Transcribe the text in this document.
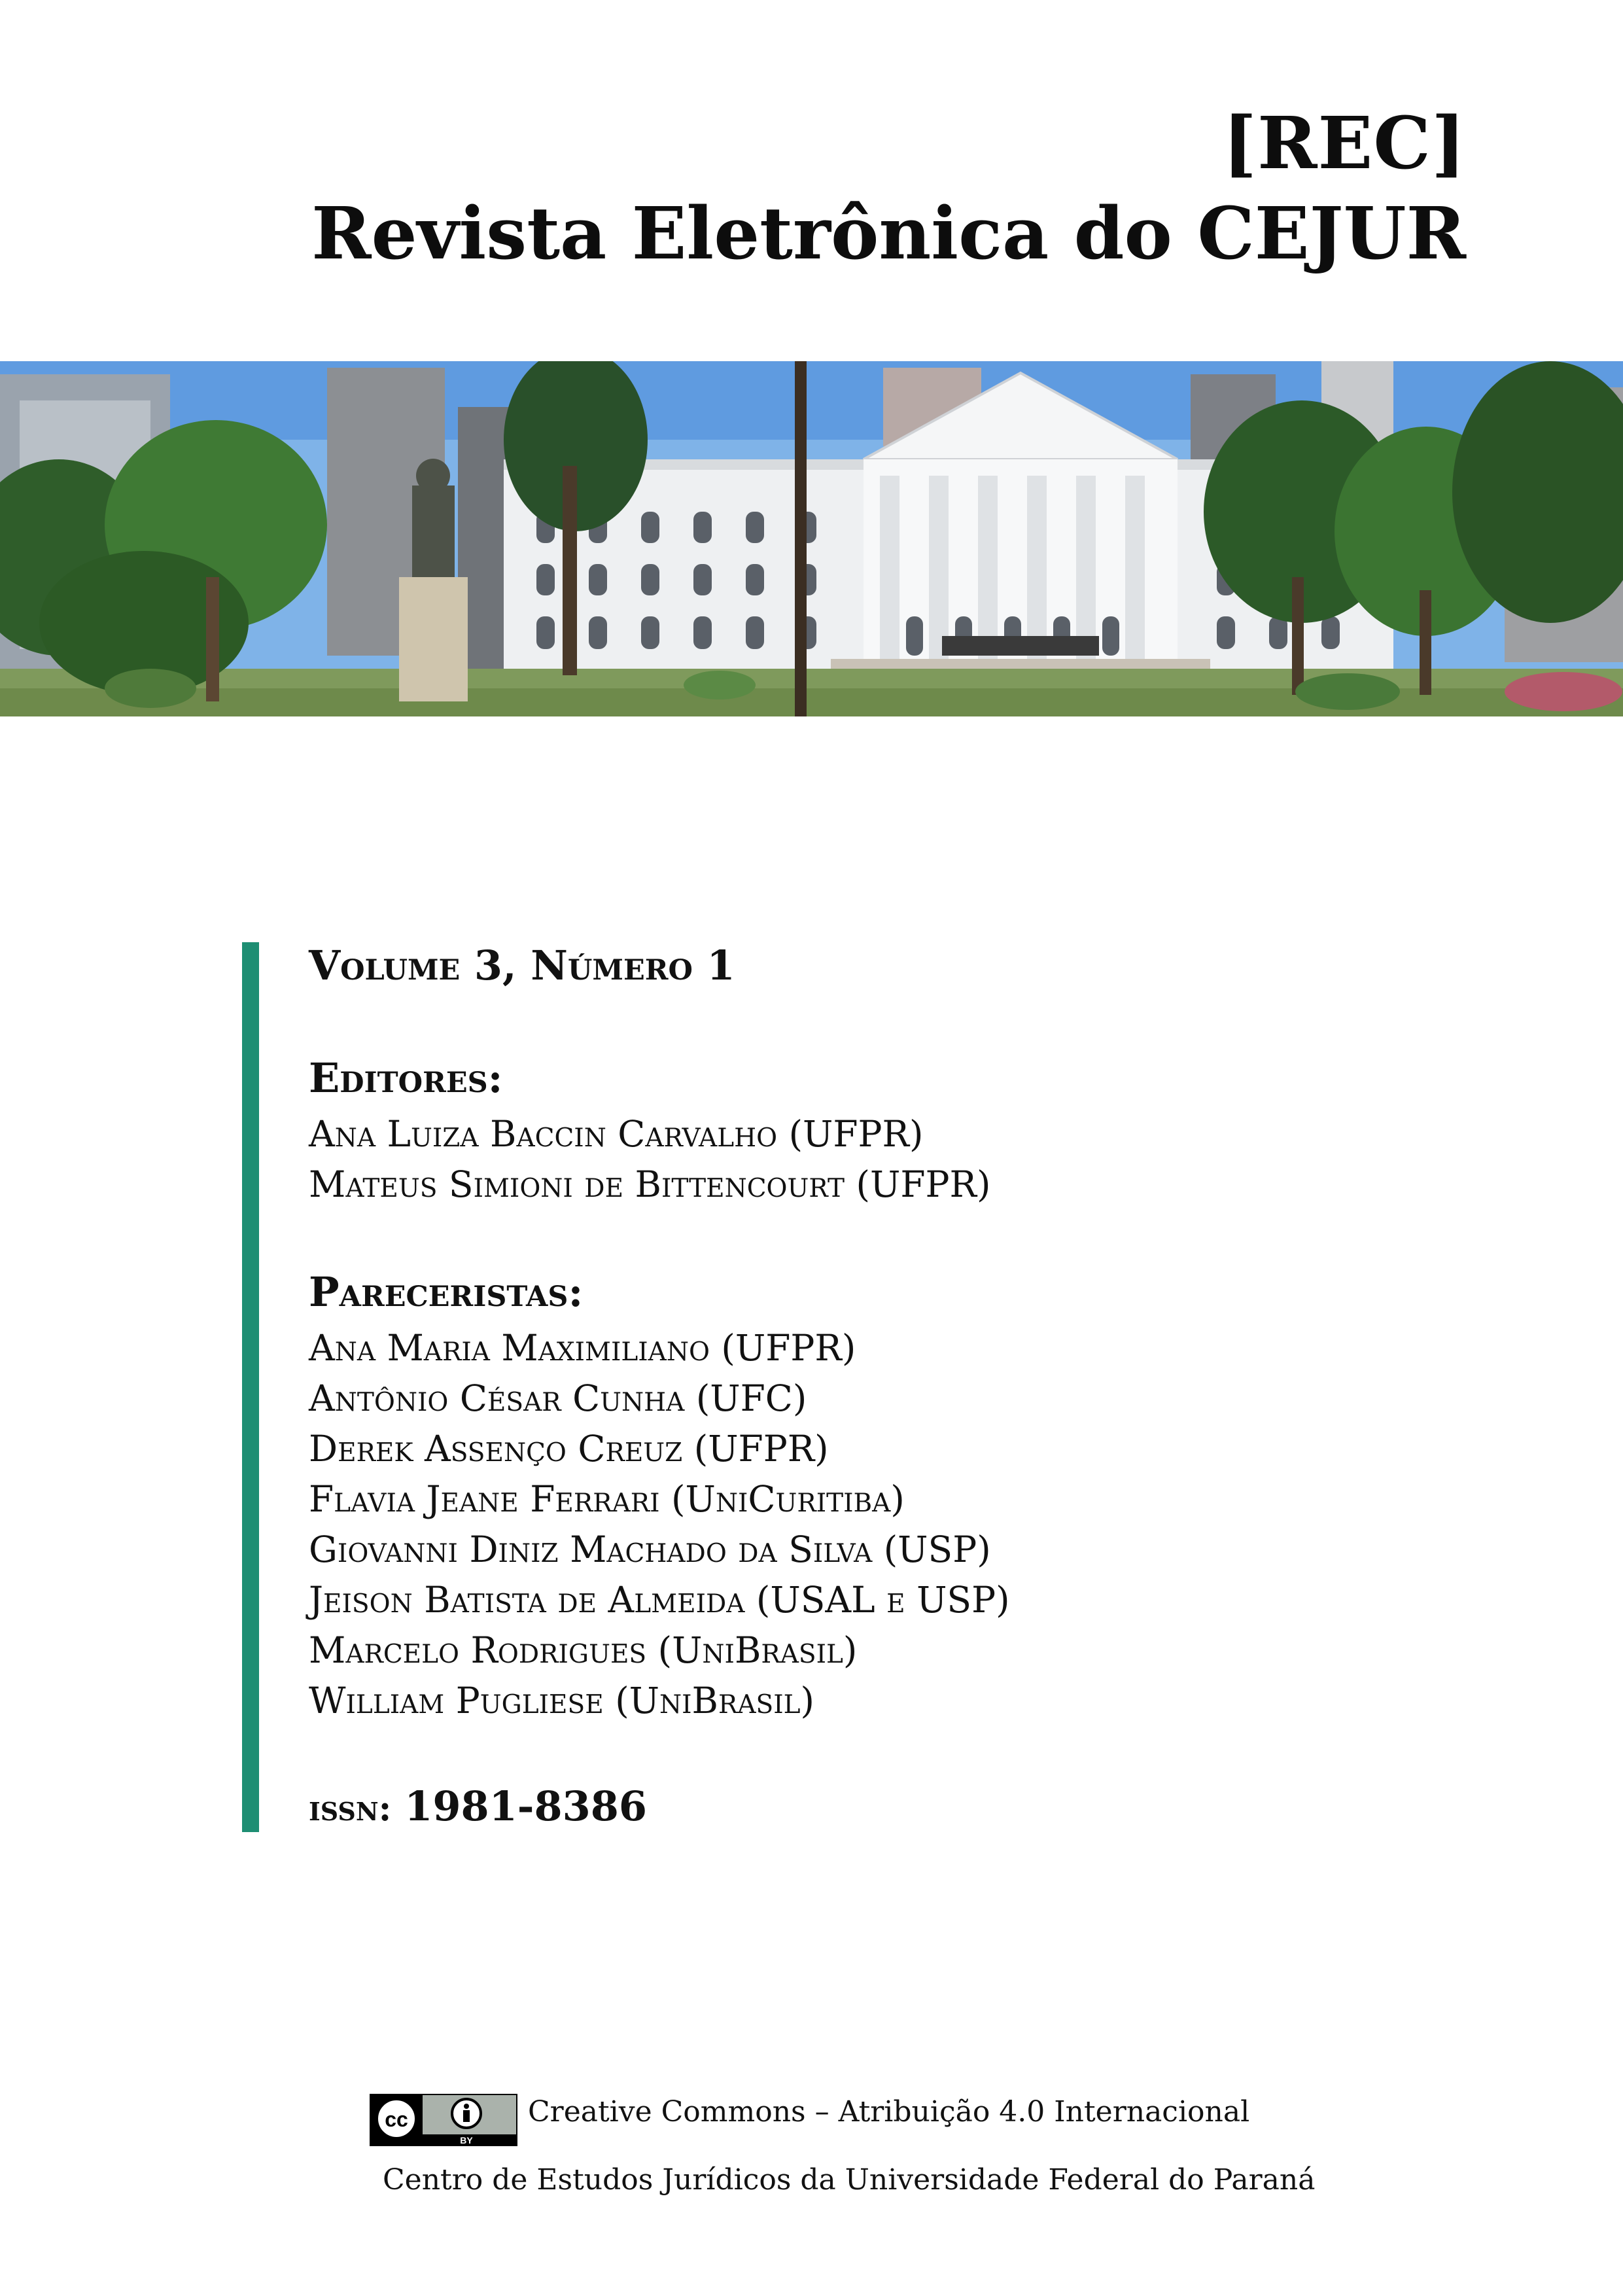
[REC]
Revista Eletrônica do CEJUR
Volume 3, Número 1
Editores:
Ana Luiza Baccin Carvalho (UFPR)
Mateus Simioni de Bittencourt (UFPR)
Pareceristas:
Ana Maria Maximiliano (UFPR)
Antônio César Cunha (UFC)
Derek Assenço Creuz (UFPR)
Flavia Jeane Ferrari (UniCuritiba)
Giovanni Diniz Machado da Silva (USP)
Jeison Batista de Almeida (USAL e USP)
Marcelo Rodrigues (UniBrasil)
William Pugliese (UniBrasil)
issn: 1981-8386
cc
BY
Creative Commons – Atribuição 4.0 Internacional
Centro de Estudos Jurídicos da Universidade Federal do Paraná
